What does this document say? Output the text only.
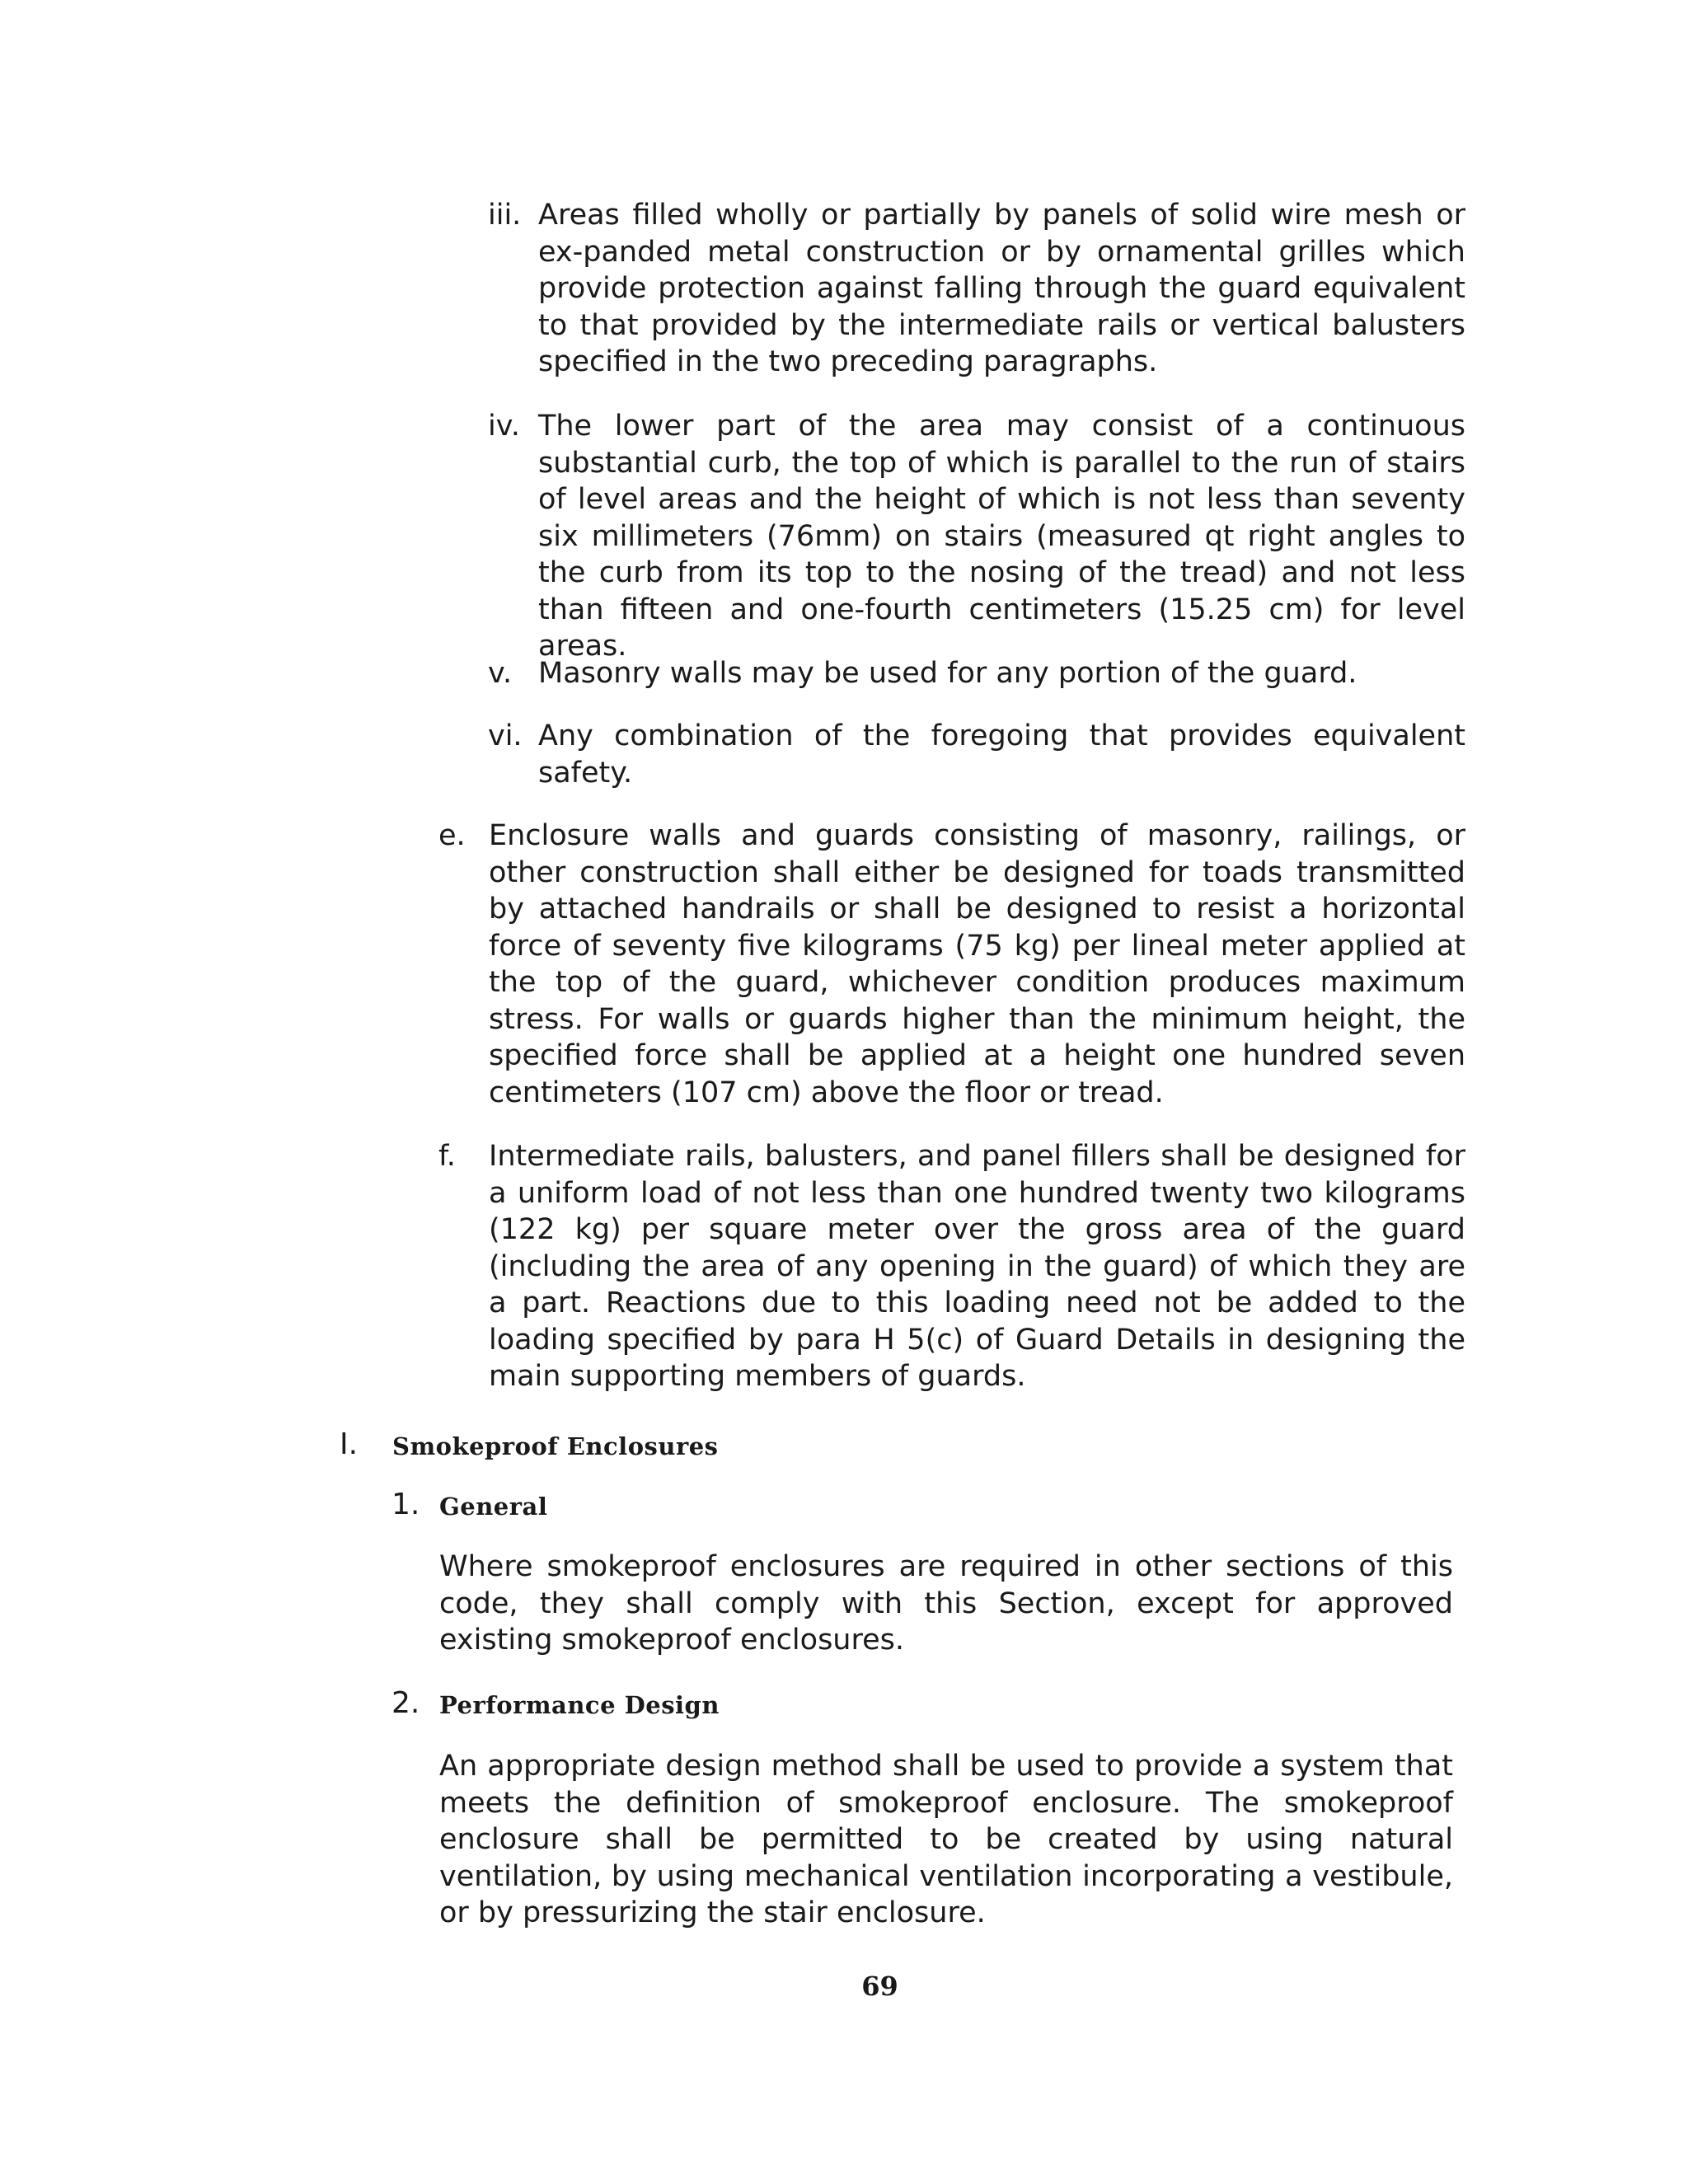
iii. Areas filled wholly or partially by panels of solid wire mesh or ex-panded metal construction or by ornamental grilles which provide protection against falling through the guard equivalent to that provided by the intermediate rails or vertical balusters specified in the two preceding paragraphs.
iv. The lower part of the area may consist of a continuous substantial curb, the top of which is parallel to the run of stairs of level areas and the height of which is not less than seventy six millimeters (76mm) on stairs (measured qt right angles to the curb from its top to the nosing of the tread) and not less than fifteen and one-fourth centimeters (15.25 cm) for level areas.
v. Masonry walls may be used for any portion of the guard.
vi. Any combination of the foregoing that provides equivalent safety.
e. Enclosure walls and guards consisting of masonry, railings, or other construction shall either be designed for toads transmitted by attached handrails or shall be designed to resist a horizontal force of seventy five kilograms (75 kg) per lineal meter applied at the top of the guard, whichever condition produces maximum stress. For walls or guards higher than the minimum height, the specified force shall be applied at a height one hundred seven centimeters (107 cm) above the floor or tread.
f. Intermediate rails, balusters, and panel fillers shall be designed for a uniform load of not less than one hundred twenty two kilograms (122 kg) per square meter over the gross area of the guard (including the area of any opening in the guard) of which they are a part. Reactions due to this loading need not be added to the loading specified by para H 5(c) of Guard Details in designing the main supporting members of guards.
I. Smokeproof Enclosures
1. General
Where smokeproof enclosures are required in other sections of this code, they shall comply with this Section, except for approved existing smokeproof enclosures.
2. Performance Design
An appropriate design method shall be used to provide a system that meets the definition of smokeproof enclosure. The smokeproof enclosure shall be permitted to be created by using natural ventilation, by using mechanical ventilation incorporating a vestibule, or by pressurizing the stair enclosure.
69
